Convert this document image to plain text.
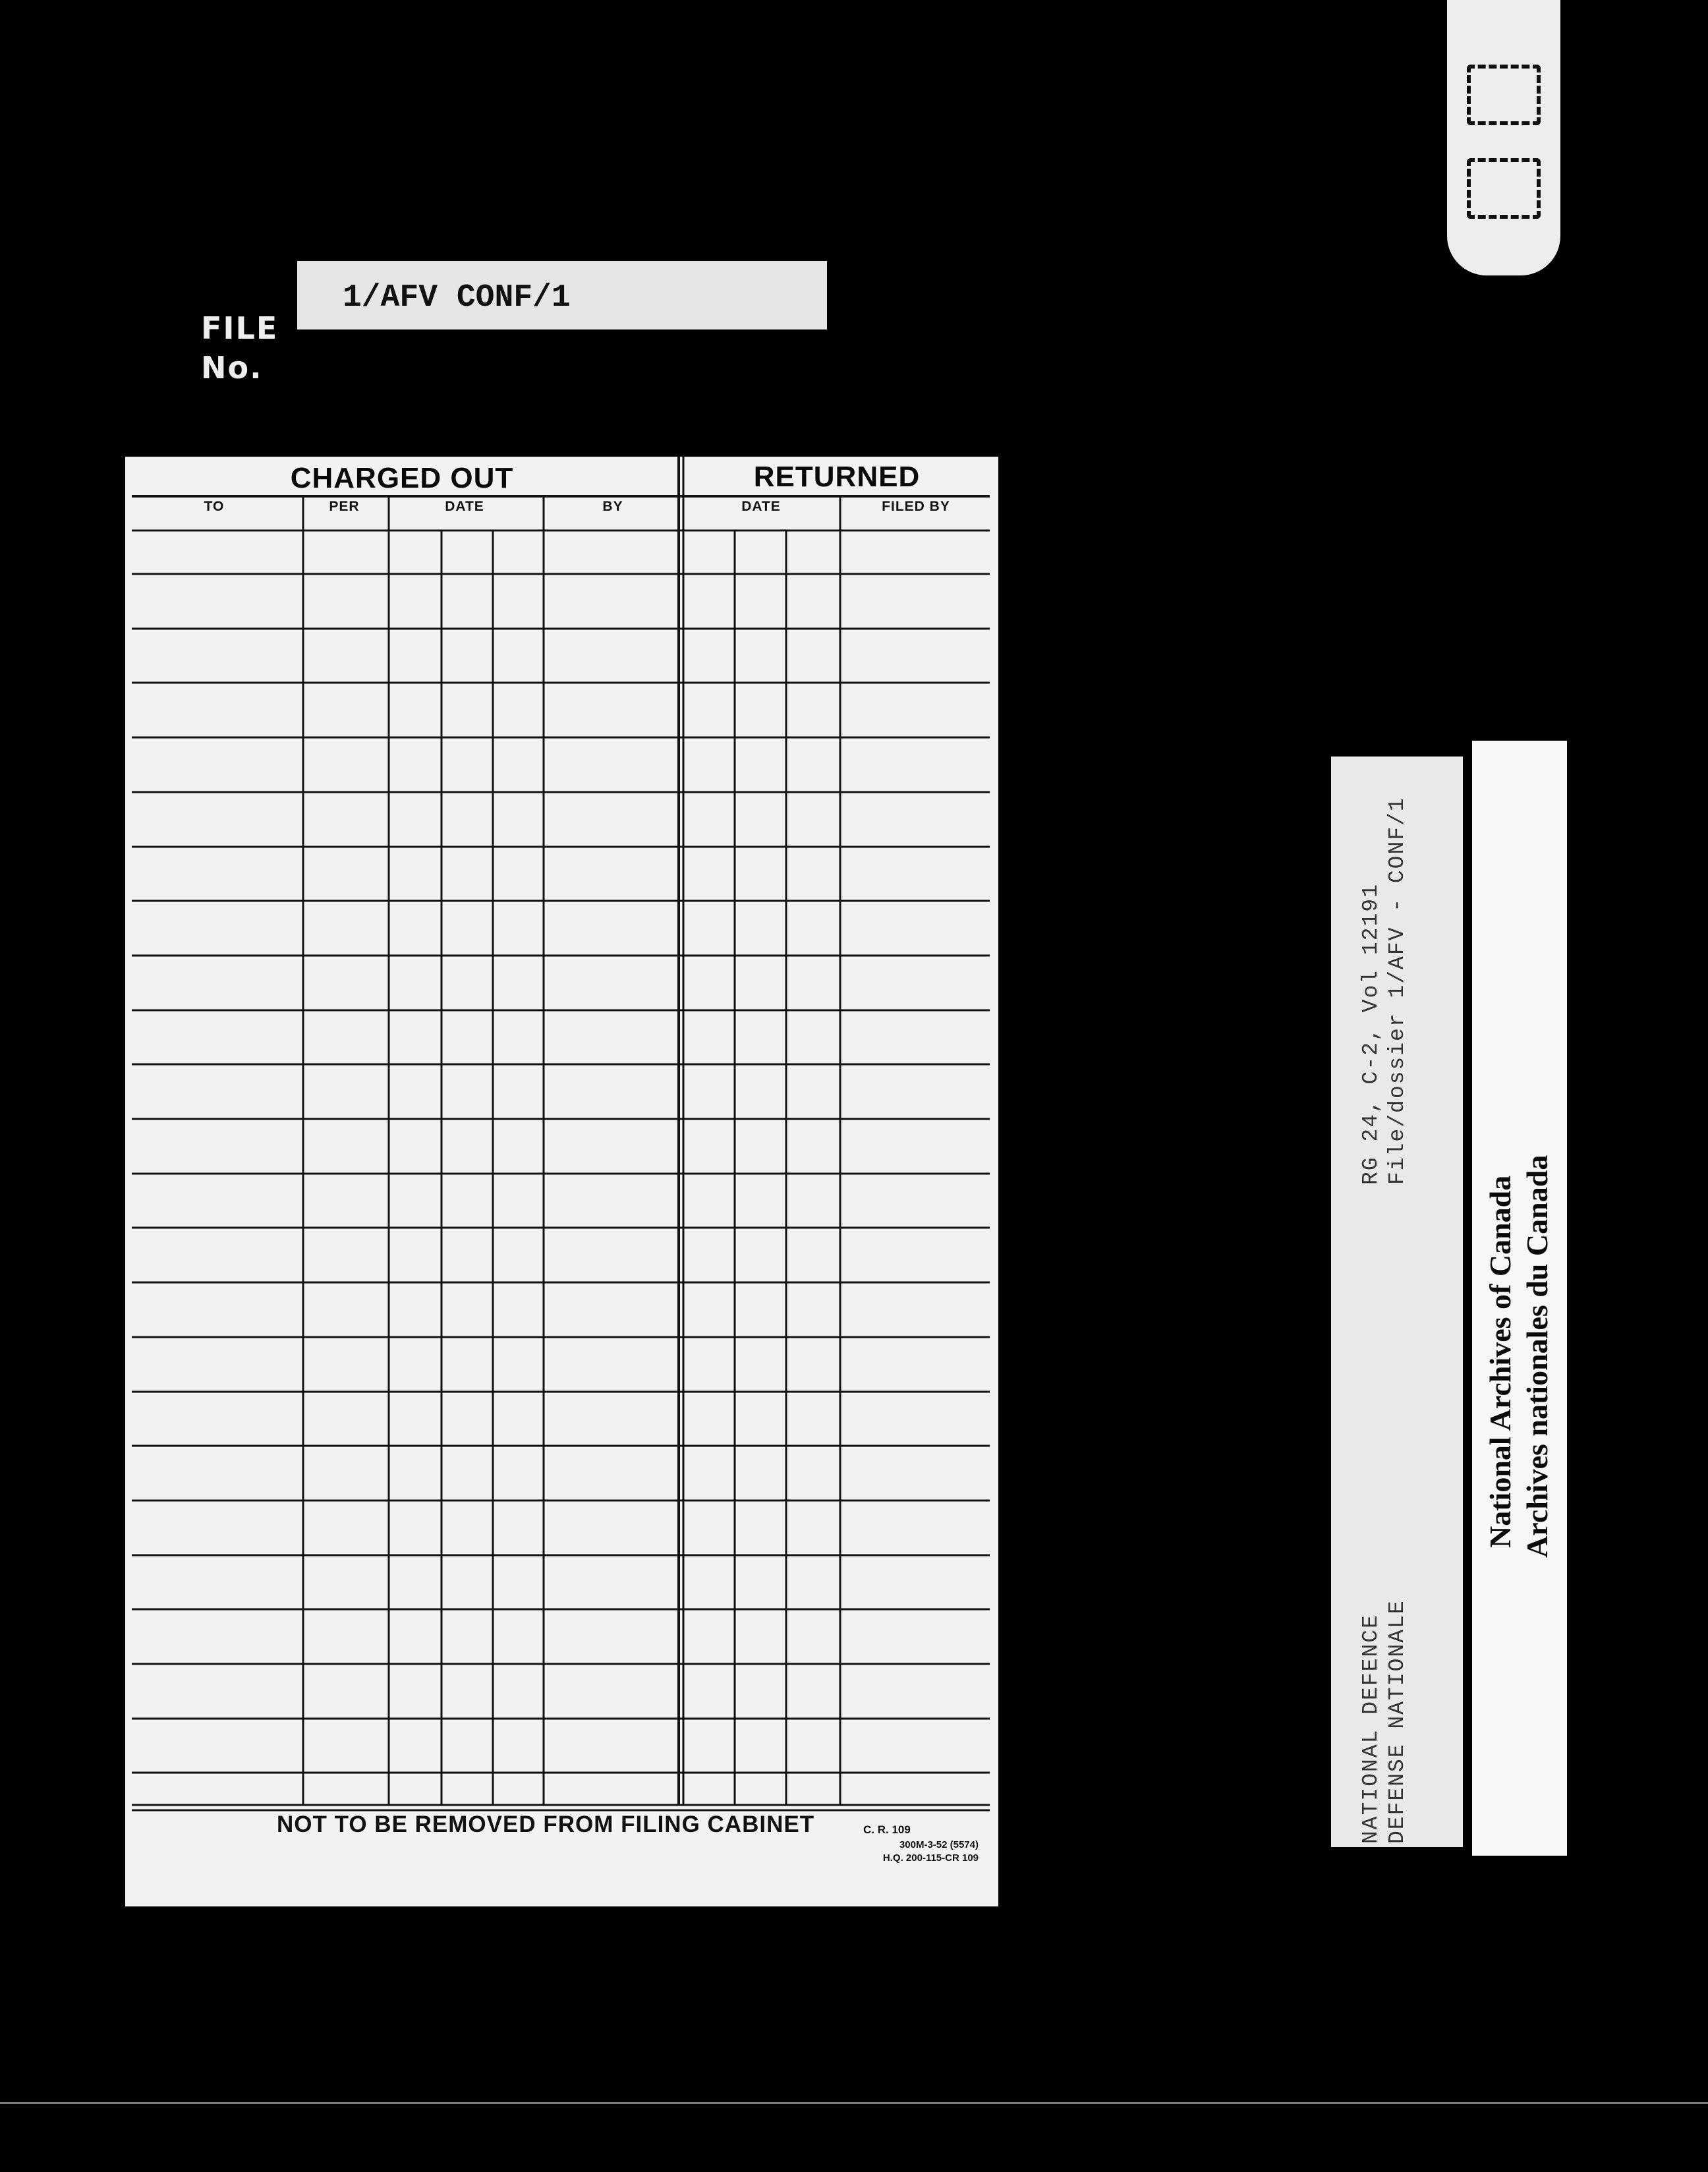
FILE
No.
1/AFV CONF/1
CHARGED OUT	RETURNED
TO	PER	DATE	BY	DATE	FILED BY
NOT TO BE REMOVED FROM FILING CABINET	C. R. 109
300M-3-52 (5574)
H.Q. 200-115-CR 109
RG 24, C-2, Vol 12191 File/dossier 1/AFV - CONF/1
NATIONAL DEFENCE DEFENSE NATIONALE
National Archives of Canada Archives nationales du Canada
